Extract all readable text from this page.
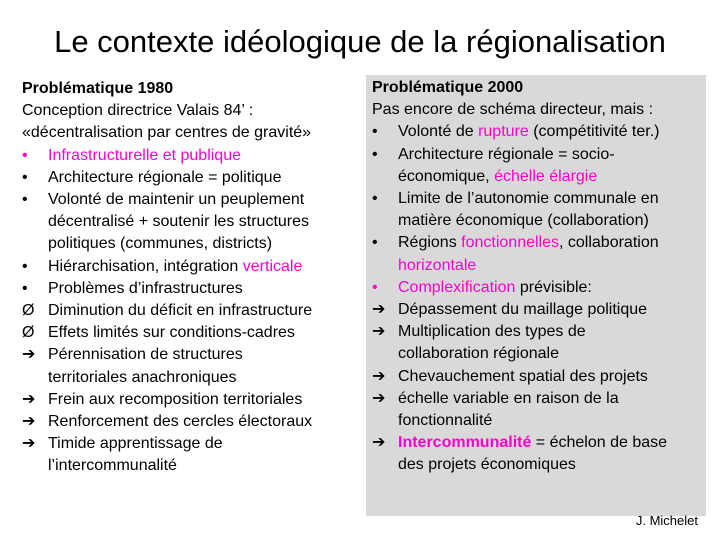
Le contexte idéologique de la régionalisation
Problématique 1980
Conception directrice Valais 84’ :
«décentralisation par centres de gravité»
•	Infrastructurelle et publique
•	Architecture régionale = politique
•	Volonté de maintenir un peuplement
décentralisé + soutenir les structures
politiques (communes, districts)
•	Hiérarchisation, intégration verticale
•	Problèmes d’infrastructures
Ø Diminution du déficit en infrastructure
Ø Effets limités sur conditions-cadres
➔ Pérennisation de structures
territoriales anachroniques
➔ Frein aux recomposition territoriales
➔ Renforcement des cercles électoraux
➔ Timide apprentissage de
l’intercommunalité
Problématique 2000
Pas encore de schéma directeur, mais :
•	Volonté de rupture (compétitivité ter.)
•	Architecture régionale = socio-
économique, échelle élargie
•	Limite de l’autonomie communale en
matière économique (collaboration)
•	Régions fonctionnelles, collaboration
horizontale
•	Complexification prévisible:
➔ Dépassement du maillage politique
➔ Multiplication des types de
collaboration régionale
➔ Chevauchement spatial des projets
➔ échelle variable en raison de la
fonctionnalité
➔ Intercommunalité = échelon de base
des projets économiques
J. Michelet
